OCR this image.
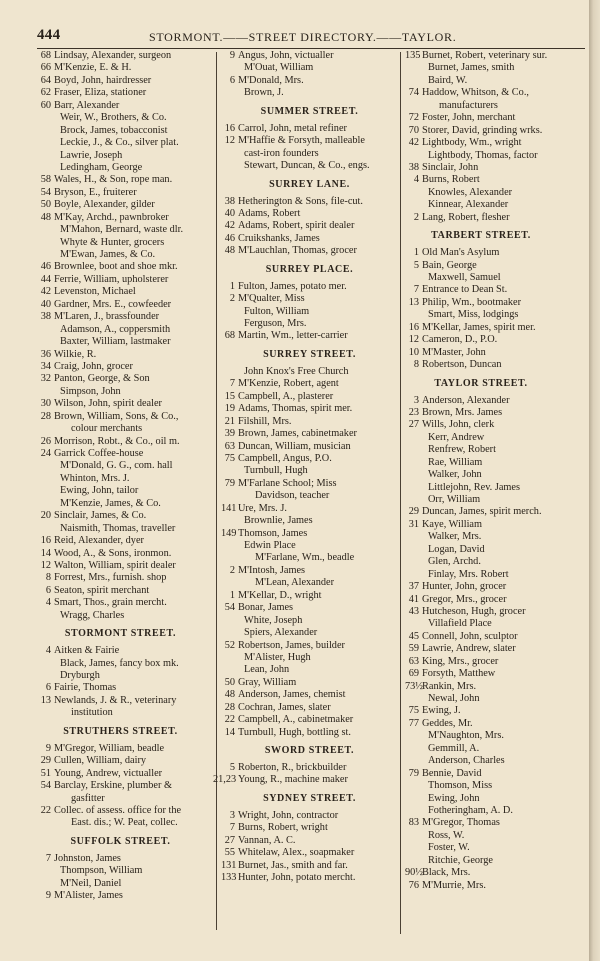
444	STORMONT.——STREET DIRECTORY.——TAYLOR.
68 Lindsay, Alexander, surgeon
66 M'Kenzie, E. & H.
64 Boyd, John, hairdresser
62 Fraser, Eliza, stationer
60 Barr, Alexander
Weir, W., Brothers, & Co.
Brock, James, tobacconist
Leckie, J., & Co., silver plat.
Lawrie, Joseph
Ledingham, George
58 Wales, H., & Son, rope man.
54 Bryson, E., fruiterer
50 Boyle, Alexander, gilder
48 M'Kay, Archd., pawnbroker
M'Mahon, Bernard, waste dlr.
Whyte & Hunter, grocers
M'Ewan, James, & Co.
46 Brownlee, boot and shoe mkr.
44 Ferrie, William, upholsterer
42 Levenston, Michael
40 Gardner, Mrs. E., cowfeeder
38 M'Laren, J., brassfounder
Adamson, A., coppersmith
Baxter, William, lastmaker
36 Wilkie, R.
34 Craig, John, grocer
32 Panton, George, & Son
Simpson, John
30 Wilson, John, spirit dealer
28 Brown, William, Sons, & Co.,
colour merchants
26 Morrison, Robt., & Co., oil m.
24 Garrick Coffee-house
M'Donald, G. G., com. hall
Whinton, Mrs. J.
Ewing, John, tailor
M'Kenzie, James, & Co.
20 Sinclair, James, & Co.
Naismith, Thomas, traveller
16 Reid, Alexander, dyer
14 Wood, A., & Sons, ironmon.
12 Walton, William, spirit dealer
8 Forrest, Mrs., furnish. shop
6 Seaton, spirit merchant
4 Smart, Thos., grain mercht.
Wragg, Charles
STORMONT STREET.
4 Aitken & Fairie
Black, James, fancy box mk.
Dryburgh
6 Fairie, Thomas
13 Newlands, J. & R., veterinary
institution
STRUTHERS STREET.
9 M'Gregor, William, beadle
29 Cullen, William, dairy
51 Young, Andrew, victualler
54 Barclay, Erskine, plumber &
gasfitter
22 Collec. of assess. office for the
East. dis.; W. Peat, collec.
SUFFOLK STREET.
7 Johnston, James
Thompson, William
M'Neil, Daniel
9 M'Alister, James
9 Angus, John, victualler
M'Ouat, William
6 M'Donald, Mrs.
Brown, J.
SUMMER STREET.
16 Carrol, John, metal refiner
12 M'Haffie & Forsyth, malleable
cast-iron founders
Stewart, Duncan, & Co., engs.
SURREY LANE.
38 Hetherington & Sons, file-cut.
40 Adams, Robert
42 Adams, Robert, spirit dealer
46 Cruikshanks, James
48 M'Lauchlan, Thomas, grocer
SURREY PLACE.
1 Fulton, James, potato mer.
2 M'Qualter, Miss
Fulton, William
Ferguson, Mrs.
68 Martin, Wm., letter-carrier
SURREY STREET.
John Knox's Free Church
7 M'Kenzie, Robert, agent
15 Campbell, A., plasterer
19 Adams, Thomas, spirit mer.
21 Filshill, Mrs.
39 Brown, James, cabinetmaker
63 Duncan, William, musician
75 Campbell, Angus, P.O.
Turnbull, Hugh
79 M'Farlane School; Miss
Davidson, teacher
141 Ure, Mrs. J.
Brownlie, James
149 Thomson, James
Edwin Place
M'Farlane, Wm., beadle
2 M'Intosh, James
M'Lean, Alexander
1 M'Kellar, D., wright
54 Bonar, James
White, Joseph
Spiers, Alexander
52 Robertson, James, builder
M'Alister, Hugh
Lean, John
50 Gray, William
48 Anderson, James, chemist
28 Cochran, James, slater
22 Campbell, A., cabinetmaker
14 Turnbull, Hugh, bottling st.
SWORD STREET.
5 Roberton, R., brickbuilder
21,23 Young, R., machine maker
SYDNEY STREET.
3 Wright, John, contractor
7 Burns, Robert, wright
27 Vannan, A. C.
55 Whitelaw, Alex., soapmaker
131 Burnet, Jas., smith and far.
133 Hunter, John, potato mercht.
135 Burnet, Robert, veterinary sur.
Burnet, James, smith
Baird, W.
74 Haddow, Whitson, & Co.,
manufacturers
72 Foster, John, merchant
70 Storer, David, grinding wrks.
42 Lightbody, Wm., wright
Lightbody, Thomas, factor
38 Sinclair, John
4 Burns, Robert
Knowles, Alexander
Kinnear, Alexander
2 Lang, Robert, flesher
TARBERT STREET.
1 Old Man's Asylum
5 Bain, George
Maxwell, Samuel
7 Entrance to Dean St.
13 Philip, Wm., bootmaker
Smart, Miss, lodgings
16 M'Kellar, James, spirit mer.
12 Cameron, D., P.O.
10 M'Master, John
8 Robertson, Duncan
TAYLOR STREET.
3 Anderson, Alexander
23 Brown, Mrs. James
27 Wills, John, clerk
Kerr, Andrew
Renfrew, Robert
Rae, William
Walker, John
Littlejohn, Rev. James
Orr, William
29 Duncan, James, spirit merch.
31 Kaye, William
Walker, Mrs.
Logan, David
Glen, Archd.
Finlay, Mrs. Robert
37 Hunter, John, grocer
41 Gregor, Mrs., grocer
43 Hutcheson, Hugh, grocer
Villafield Place
45 Connell, John, sculptor
59 Lawrie, Andrew, slater
63 King, Mrs., grocer
69 Forsyth, Matthew
73½
Rankin, Mrs.
Newal, John
75 Ewing, J.
77 Geddes, Mr.
M'Naughton, Mrs.
Gemmill, A.
Anderson, Charles
79 Bennie, David
Thomson, Miss
Ewing, John
Fotheringham, A. D.
83 M'Gregor, Thomas
Ross, W.
Foster, W.
Ritchie, George
90½
Black, Mrs.
76 M'Murrie, Mrs.
